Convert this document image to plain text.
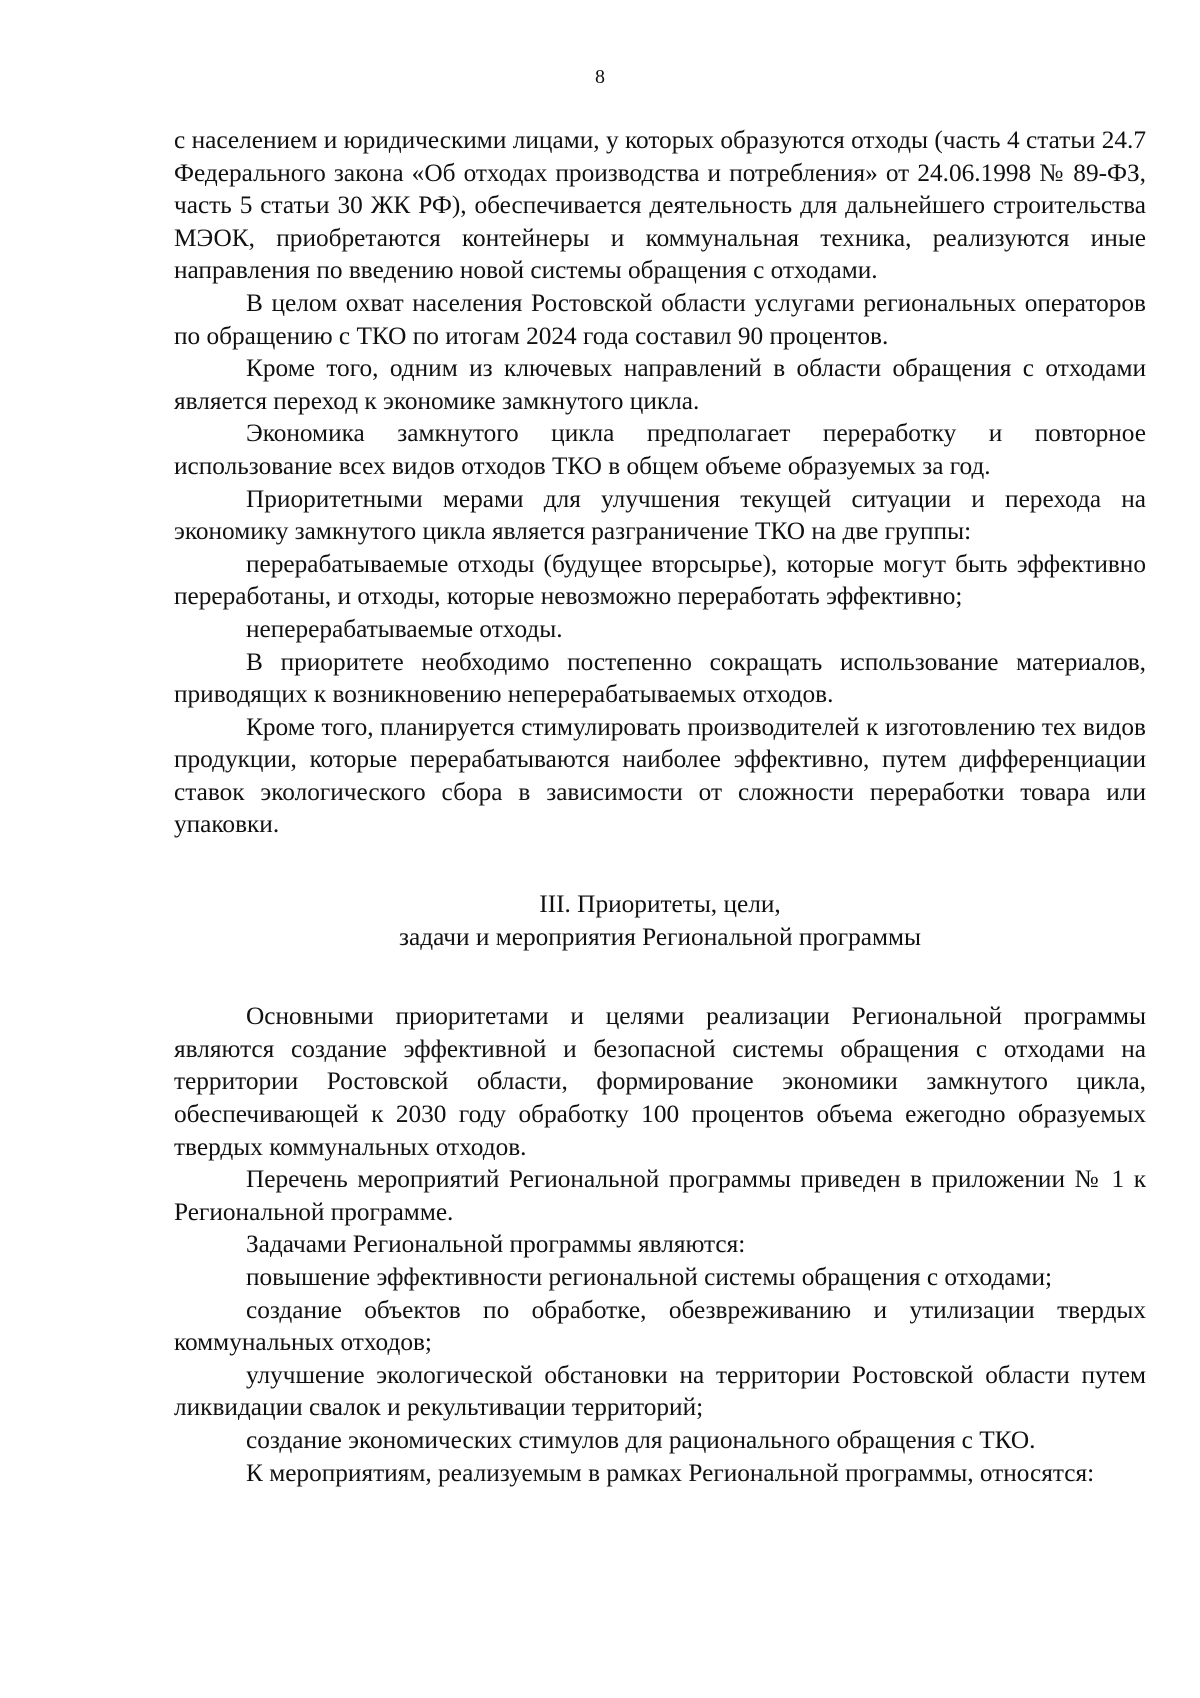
8

с населением и юридическими лицами, у которых образуются отходы (часть 4 статьи 24.7 Федерального закона «Об отходах производства и потребления» от 24.06.1998 № 89-ФЗ, часть 5 статьи 30 ЖК РФ), обеспечивается деятельность для дальнейшего строительства МЭОК, приобретаются контейнеры и коммунальная техника, реализуются иные направления по введению новой системы обращения с отходами.

В целом охват населения Ростовской области услугами региональных операторов по обращению с ТКО по итогам 2024 года составил 90 процентов.

Кроме того, одним из ключевых направлений в области обращения с отходами является переход к экономике замкнутого цикла.

Экономика замкнутого цикла предполагает переработку и повторное использование всех видов отходов ТКО в общем объеме образуемых за год.

Приоритетными мерами для улучшения текущей ситуации и перехода на экономику замкнутого цикла является разграничение ТКО на две группы:

перерабатываемые отходы (будущее вторсырье), которые могут быть эффективно переработаны, и отходы, которые невозможно переработать эффективно;

неперерабатываемые отходы.

В приоритете необходимо постепенно сокращать использование материалов, приводящих к возникновению неперерабатываемых отходов.

Кроме того, планируется стимулировать производителей к изготовлению тех видов продукции, которые перерабатываются наиболее эффективно, путем дифференциации ставок экологического сбора в зависимости от сложности переработки товара или упаковки.

III. Приоритеты, цели,
задачи и мероприятия Региональной программы

Основными приоритетами и целями реализации Региональной программы являются создание эффективной и безопасной системы обращения с отходами на территории Ростовской области, формирование экономики замкнутого цикла, обеспечивающей к 2030 году обработку 100 процентов объема ежегодно образуемых твердых коммунальных отходов.

Перечень мероприятий Региональной программы приведен в приложении № 1 к Региональной программе.

Задачами Региональной программы являются:

повышение эффективности региональной системы обращения с отходами;

создание объектов по обработке, обезвреживанию и утилизации твердых коммунальных отходов;

улучшение экологической обстановки на территории Ростовской области путем ликвидации свалок и рекультивации территорий;

создание экономических стимулов для рационального обращения с ТКО.

К мероприятиям, реализуемым в рамках Региональной программы, относятся:
